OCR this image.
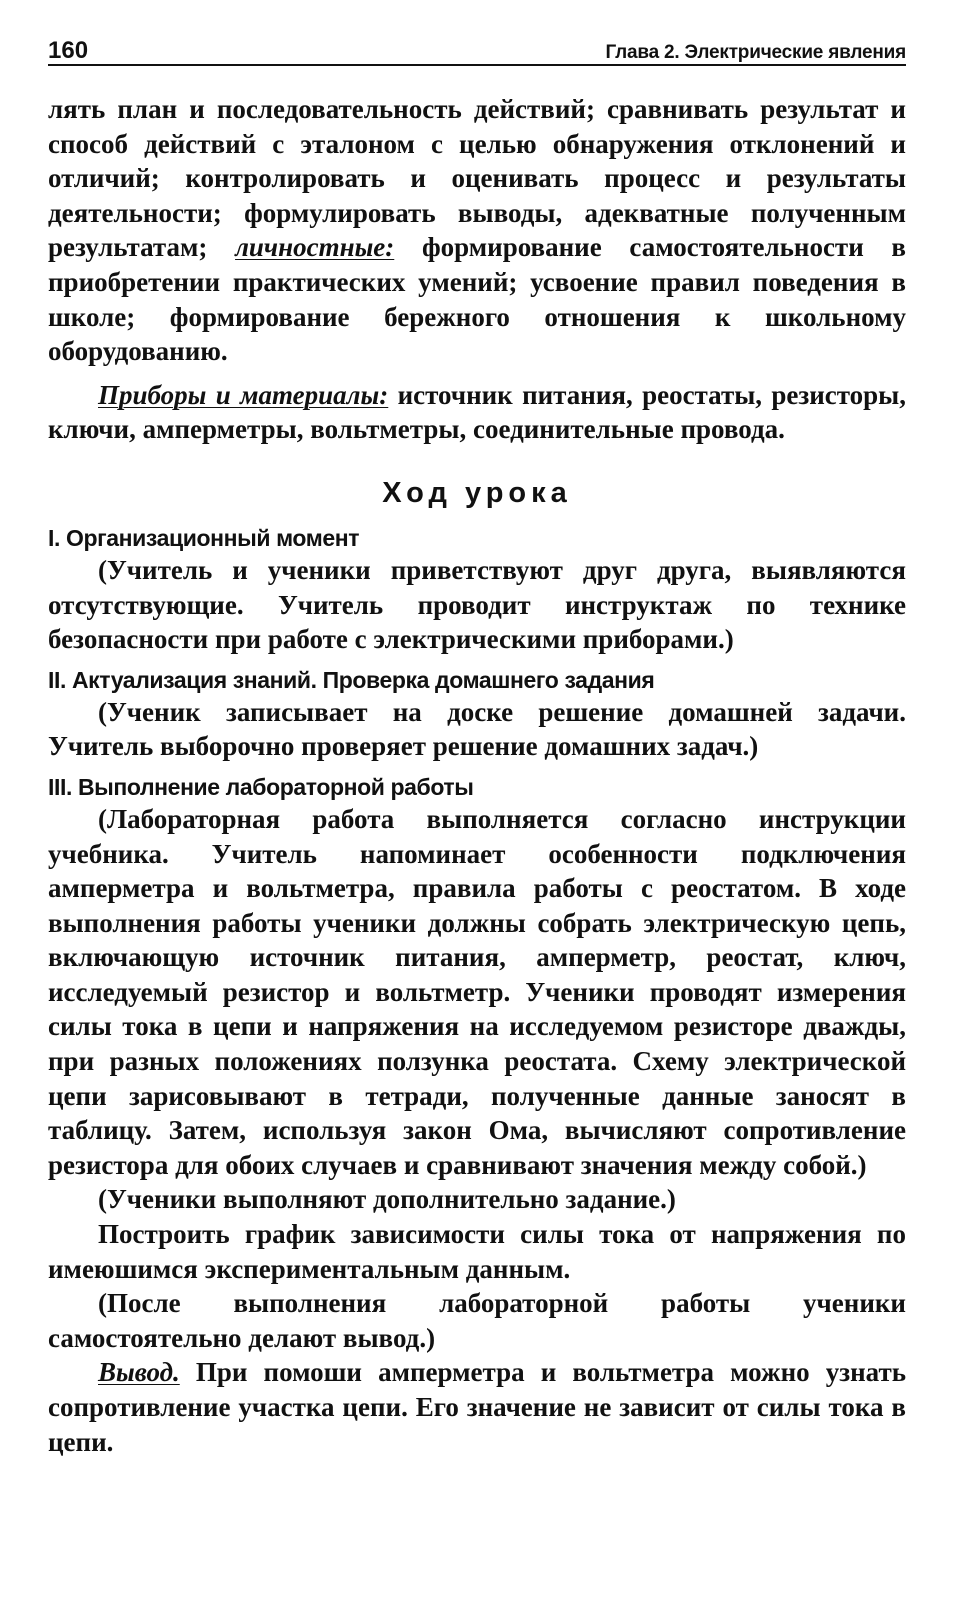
160	Глава 2. Электрические явления

лять план и последовательность действий; сравнивать результат и способ действий с эталоном с целью обнаружения отклонений и отличий; контролировать и оценивать процесс и результаты деятельности; формулировать выводы, адекватные полученным результатам; личностные: формирование самостоятельности в приобретении практических умений; усвоение правил поведения в школе; формирование бережного отношения к школьному оборудованию.

Приборы и материалы: источник питания, реостаты, резисторы, ключи, амперметры, вольтметры, соединительные провода.

Ход урока
I. Организационный момент

(Учитель и ученики приветствуют друг друга, выявляются отсутствующие. Учитель проводит инструктаж по технике безопасности при работе с электрическими приборами.)

II. Актуализация знаний. Проверка домашнего задания

(Ученик записывает на доске решение домашней задачи. Учитель выборочно проверяет решение домашних задач.)

III. Выполнение лабораторной работы

(Лабораторная работа выполняется согласно инструкции учебника. Учитель напоминает особенности подключения амперметра и вольтметра, правила работы с реостатом. В ходе выполнения работы ученики должны собрать электрическую цепь, включающую источник питания, амперметр, реостат, ключ, исследуемый резистор и вольтметр. Ученики проводят измерения силы тока в цепи и напряжения на исследуемом резисторе дважды, при разных положениях ползунка реостата. Схему электрической цепи зарисовывают в тетради, полученные данные заносят в таблицу. Затем, используя закон Ома, вычисляют сопротивление резистора для обоих случаев и сравнивают значения между собой.)

(Ученики выполняют дополнительно задание.)

Построить график зависимости силы тока от напряжения по имеюшимся экспериментальным данным.

(После выполнения лабораторной работы ученики самостоятельно делают вывод.)

Вывод. При помоши амперметра и вольтметра можно узнать сопротивление участка цепи. Его значение не зависит от силы тока в цепи.
